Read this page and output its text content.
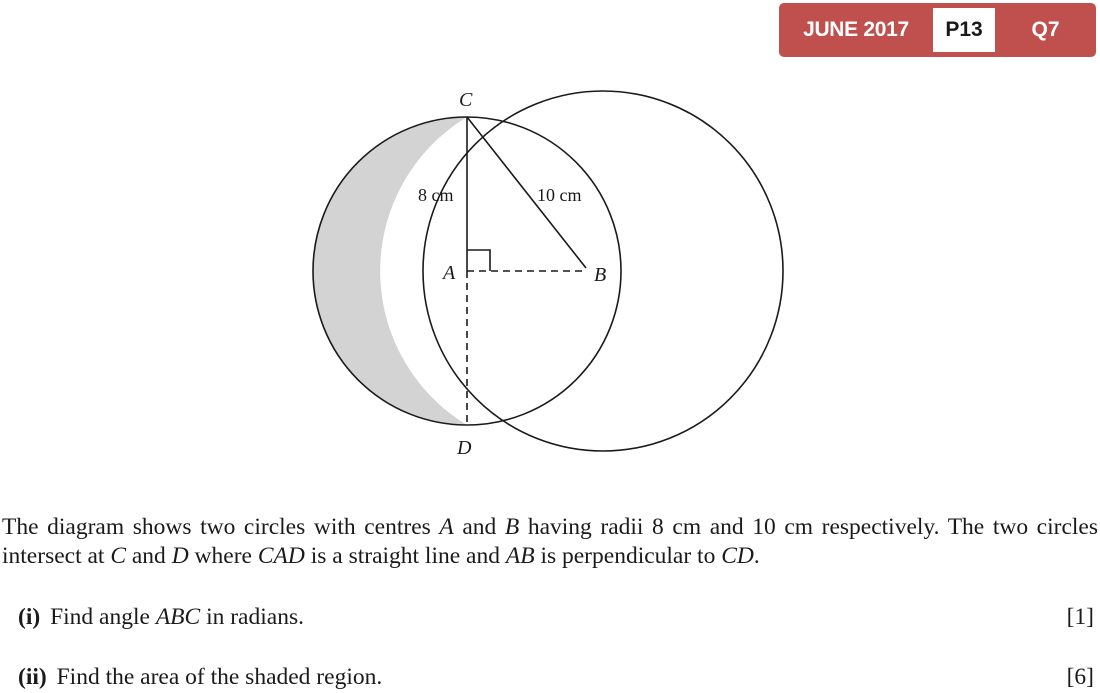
JUNE 2017	P13	Q7
C
A	B
D
8 cm	10 cm
The diagram shows two circles with centres A and B having radii 8 cm and 10 cm respectively. The two circles intersect at C and D where CAD is a straight line and AB is perpendicular to CD.
(i) Find angle ABC in radians.	[1]
(ii) Find the area of the shaded region.	[6]
